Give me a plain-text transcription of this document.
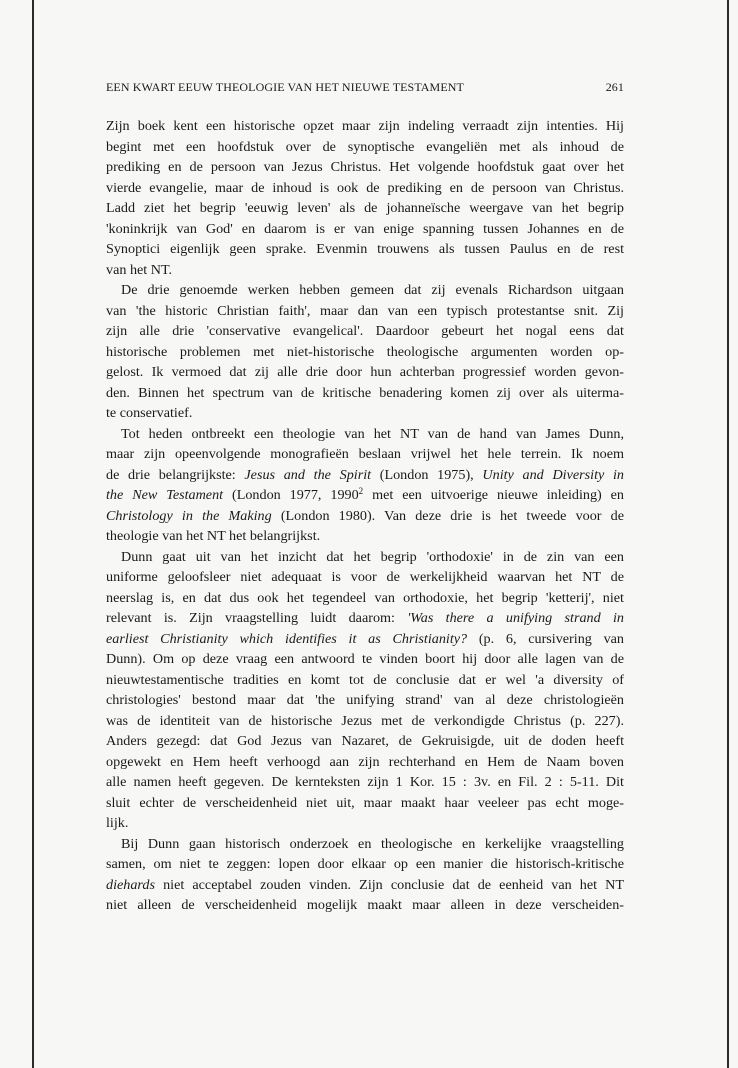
EEN KWART EEUW THEOLOGIE VAN HET NIEUWE TESTAMENT	261
Zijn boek kent een historische opzet maar zijn indeling verraadt zijn intenties. Hij
begint met een hoofdstuk over de synoptische evangeliën met als inhoud de
prediking en de persoon van Jezus Christus. Het volgende hoofdstuk gaat over het
vierde evangelie, maar de inhoud is ook de prediking en de persoon van Christus.
Ladd ziet het begrip 'eeuwig leven' als de johanneïsche weergave van het begrip
'koninkrijk van God' en daarom is er van enige spanning tussen Johannes en de
Synoptici eigenlijk geen sprake. Evenmin trouwens als tussen Paulus en de rest
van het NT.
De drie genoemde werken hebben gemeen dat zij evenals Richardson uitgaan
van 'the historic Christian faith', maar dan van een typisch protestantse snit. Zij
zijn alle drie 'conservative evangelical'. Daardoor gebeurt het nogal eens dat
historische problemen met niet-historische theologische argumenten worden op-
gelost. Ik vermoed dat zij alle drie door hun achterban progressief worden gevon-
den. Binnen het spectrum van de kritische benadering komen zij over als uiterma-
te conservatief.
Tot heden ontbreekt een theologie van het NT van de hand van James Dunn,
maar zijn opeenvolgende monografieën beslaan vrijwel het hele terrein. Ik noem
de drie belangrijkste: Jesus and the Spirit (London 1975), Unity and Diversity in
the New Testament (London 1977, 1990$^2$ met een uitvoerige nieuwe inleiding) en
Christology in the Making (London 1980). Van deze drie is het tweede voor de
theologie van het NT het belangrijkst.
Dunn gaat uit van het inzicht dat het begrip 'orthodoxie' in de zin van een
uniforme geloofsleer niet adequaat is voor de werkelijkheid waarvan het NT de
neerslag is, en dat dus ook het tegendeel van orthodoxie, het begrip 'ketterij', niet
relevant is. Zijn vraagstelling luidt daarom: 'Was there a unifying strand in
earliest Christianity which identifies it as Christianity? (p. 6, cursivering van
Dunn). Om op deze vraag een antwoord te vinden boort hij door alle lagen van de
nieuwtestamentische tradities en komt tot de conclusie dat er wel 'a diversity of
christologies' bestond maar dat 'the unifying strand' van al deze christologieën
was de identiteit van de historische Jezus met de verkondigde Christus (p. 227).
Anders gezegd: dat God Jezus van Nazaret, de Gekruisigde, uit de doden heeft
opgewekt en Hem heeft verhoogd aan zijn rechterhand en Hem de Naam boven
alle namen heeft gegeven. De kernteksten zijn 1 Kor. 15 : 3v. en Fil. 2 : 5-11. Dit
sluit echter de verscheidenheid niet uit, maar maakt haar veeleer pas echt moge-
lijk.
Bij Dunn gaan historisch onderzoek en theologische en kerkelijke vraagstelling
samen, om niet te zeggen: lopen door elkaar op een manier die historisch-kritische
diehards niet acceptabel zouden vinden. Zijn conclusie dat de eenheid van het NT
niet alleen de verscheidenheid mogelijk maakt maar alleen in deze verscheiden-
